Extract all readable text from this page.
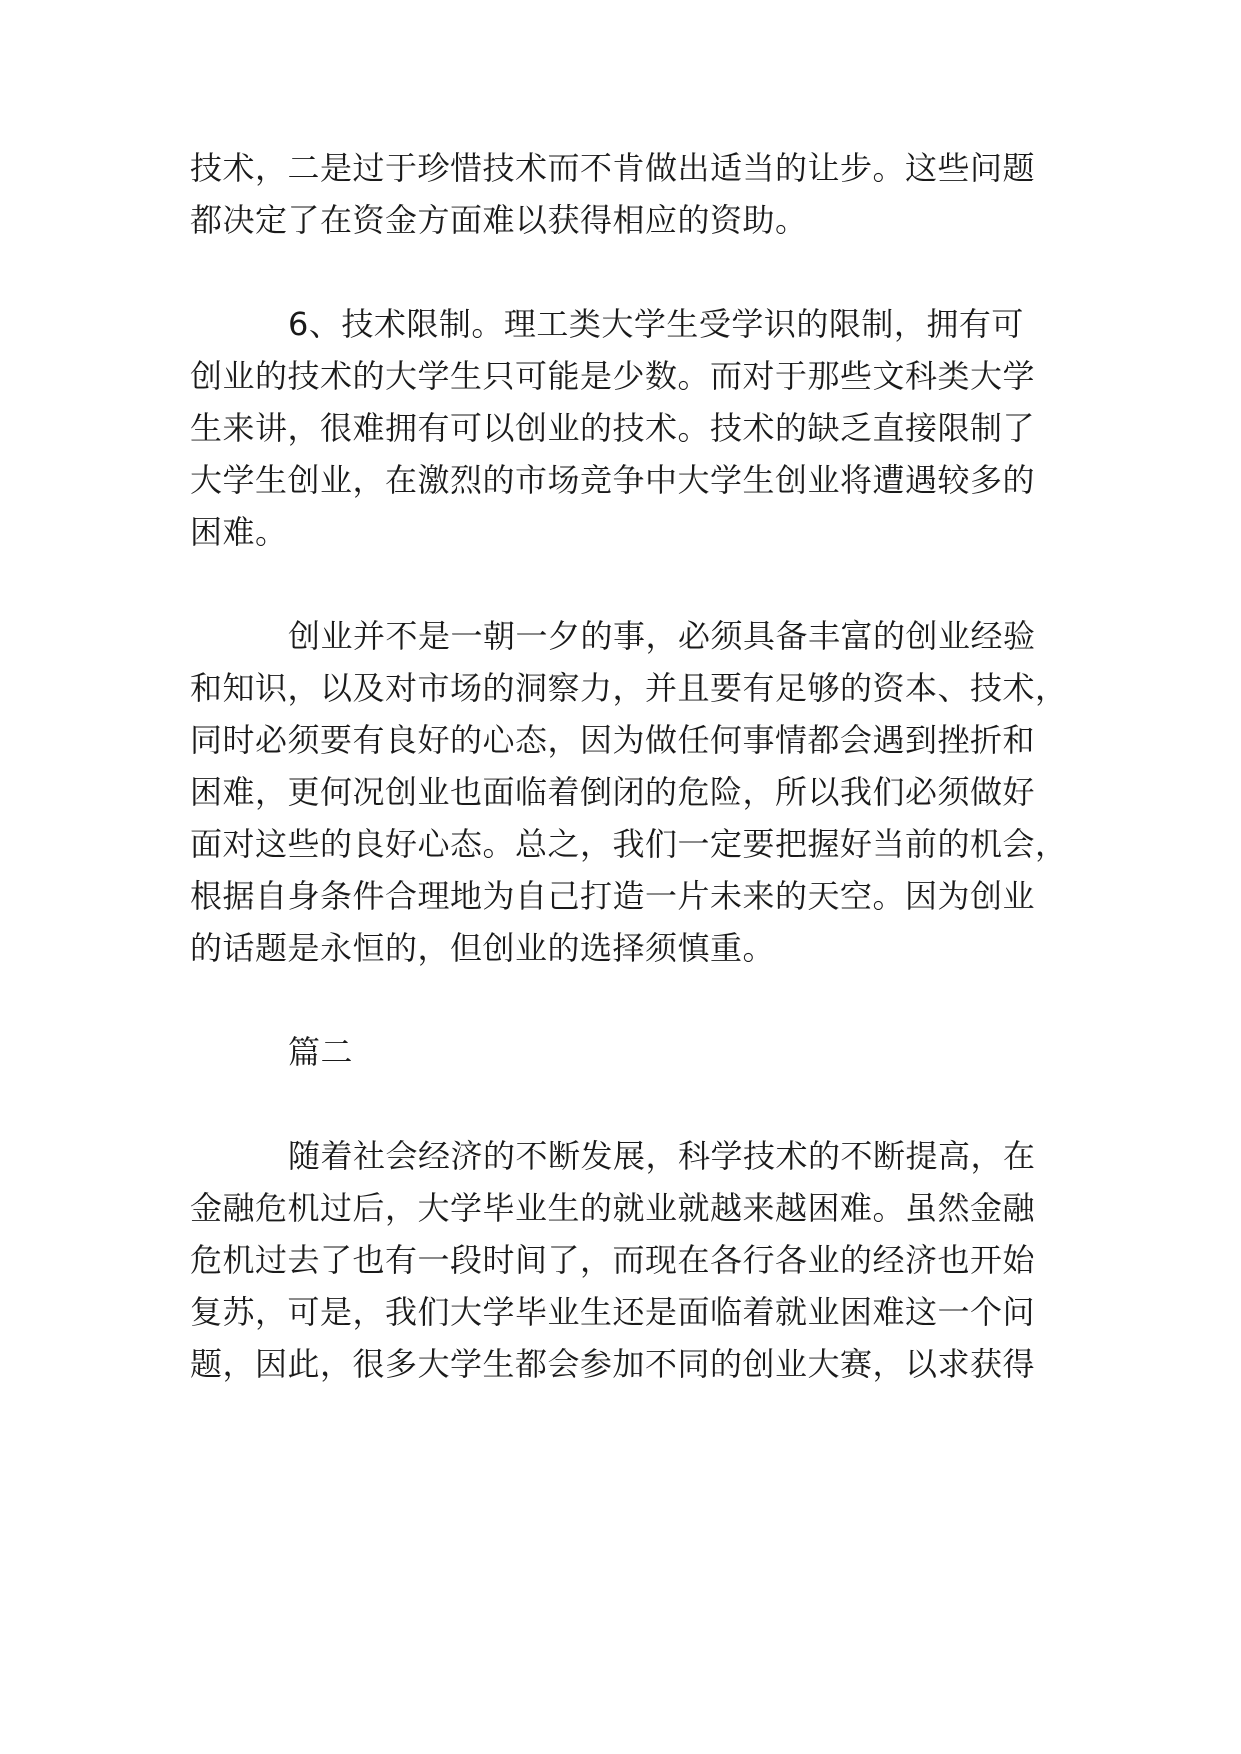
技术，二是过于珍惜技术而不肯做出适当的让步。这些问题
都决定了在资金方面难以获得相应的资助。
6、技术限制。理工类大学生受学识的限制，拥有可
创业的技术的大学生只可能是少数。而对于那些文科类大学
生来讲，很难拥有可以创业的技术。技术的缺乏直接限制了
大学生创业，在激烈的市场竞争中大学生创业将遭遇较多的
困难。
创业并不是一朝一夕的事，必须具备丰富的创业经验
和知识，以及对市场的洞察力，并且要有足够的资本、技术，
同时必须要有良好的心态，因为做任何事情都会遇到挫折和
困难，更何况创业也面临着倒闭的危险，所以我们必须做好
面对这些的良好心态。总之，我们一定要把握好当前的机会，
根据自身条件合理地为自己打造一片未来的天空。因为创业
的话题是永恒的，但创业的选择须慎重。
篇二
随着社会经济的不断发展，科学技术的不断提高，在
金融危机过后，大学毕业生的就业就越来越困难。虽然金融
危机过去了也有一段时间了，而现在各行各业的经济也开始
复苏，可是，我们大学毕业生还是面临着就业困难这一个问
题，因此，很多大学生都会参加不同的创业大赛，以求获得
